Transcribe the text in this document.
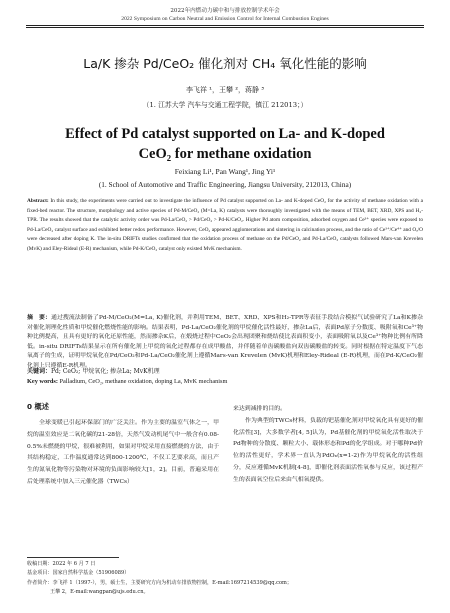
2022年内燃动力碳中和与排放控制学术年会
2022 Symposium on Carbon Neutral and Emission Control for Internal Combustion Engines
La/K 掺杂 Pd/CeO₂ 催化剂对 CH₄ 氧化性能的影响
李飞祥 ¹，王攀 ²，蒋静 ³
（1. 江苏大学 汽车与交通工程学院，镇江 212013；）
Effect of Pd catalyst supported on La- and K-doped
CeO₂ for methane oxidation
Feixiang Li¹, Pan Wang¹, Jing Yi¹
(1. School of Automotive and Traffic Engineering, Jiangsu University, 212013, China)
Abstract: In this study, the experiments were carried out to investigate the influence of Pd catalyst supported on La- and K-doped CeO₂ for the activity of methane oxidation with a fixed-bed reactor. The structure, morphology and active species of Pd-M/CeO₂ (M=La, K) catalysts were thoroughly investigated with the means of TEM, BET, XRD, XPS and H₂-TPR. The results showed that the catalytic activity order was Pd-La/CeO₂ > Pd/CeO₂ > Pd-K/CeO₂. Higher Pd atom composition, adsorbed oxygen and Ce³⁺ species were exposed to Pd-La/CeO₂ catalyst surface and exhibited better redox performance. However, CeO₂ appeared agglomerations and sintering in calcination process, and the ratio of Ce³⁺/Ce⁴⁺ and Oₐ/O were decreased after doping K. The in-situ DRIFTs studies confirmed that the oxidation process of methane on the Pd/CeO₂ and Pd-La/CeO₂ catalysts followed Mars-van Krevelen (MvK) and Eley-Rideal (E-R) mechanism, while Pd-K/CeO₂ catalyst only existed MvK mechanism.
摘　要：通过搜流法制备了Pd-M/CeO₂(M=La, K)催化剂，并利用TEM、BET、XRD、XPS和H₂-TPR等表征手段结合模拟气试验研究了La和K掺杂对催化剂理化性质和甲烷催化燃烧性能的影响。结果表明，Pd-La/CeO₂催化剂的甲烷催化活性最好，掺杂La后，表面Pd原子分数度、吸附氧和Ce³⁺物种比例提高，且具有更好的氧化还原性能，然而掺杂K后，在煅烧过程中CeO₂会出现团聚和烧结使比表面积变小，表面吸附氧以及Ce³⁺物种比例有所降低。in-situ DRIFTs结果显示在所有催化剂上甲烷的氧化过程都存在成甲酸盐，并伴随着单齿碳酸盐向双齿碳酸盐的转变。同时根据在特定温度下气态氧离子的生成，证明甲烷氧化在Pd/CeO₂和Pd-La/CeO₂催化剂上遵循Mars-van Krevelen (MvK)机理和Eley-Rideal (E-R)机理，而在Pd-K/CeO₂催化剂上只遵循E-R机理。
关键词：Pd; CeO₂; 甲烷氧化; 掺杂La; MvK机理
Key words: Palladium, CeO₂, methane oxidation, doping La, MvK mechanism
0 概述

全球变暖已引起环保部门的广泛关注。作为主要的温室气体之一，甲烷的温室效应是二氧化碳的21-28倍，天然气发动机尾气中一般含有0.08-0.5%未燃烧的甲烷，很难被利用，如果对甲烷采用直接燃烧的方法，由于其结构稳定，工作温度通常达到800-1200℃，不仅工艺要求高，而且产生的氮氧化物等污染物对环境的负面影响较大[1，2]。目前，普遍采用在后处理系统中加入三元催化器（TWCs）

来达到减排的目的。

作为典型的TWCs材料，负载的钯基催化剂对甲烷氧化具有更好的催化活性[3]，大多数学者[4, 5]认为，Pd基催化剂的甲烷氧化活性取决于Pd物种的分散度、颗粒大小、载体形态和Pd的化学组成。对于哪种Pd价位的活性更好，学术界一直认为PdOₓ(x=1-2)作为甲烷氧化的活性组分，反应遵循MvK机制[4-8]，即催化剂表面活性氧参与反应，该过程产生的表面氧空位后来由气相氧提供。

收稿日期：2022 年 6 月 7 日
基金项目：国家自然科学基金（51906089）
作者简介：李飞祥 1（1997-），男，硕士生，主要研究方向为机动车排放物控制，E-mail:1697214539@qq.com；
王攀 2，E-mail:wangpan@ujs.edu.cn。
